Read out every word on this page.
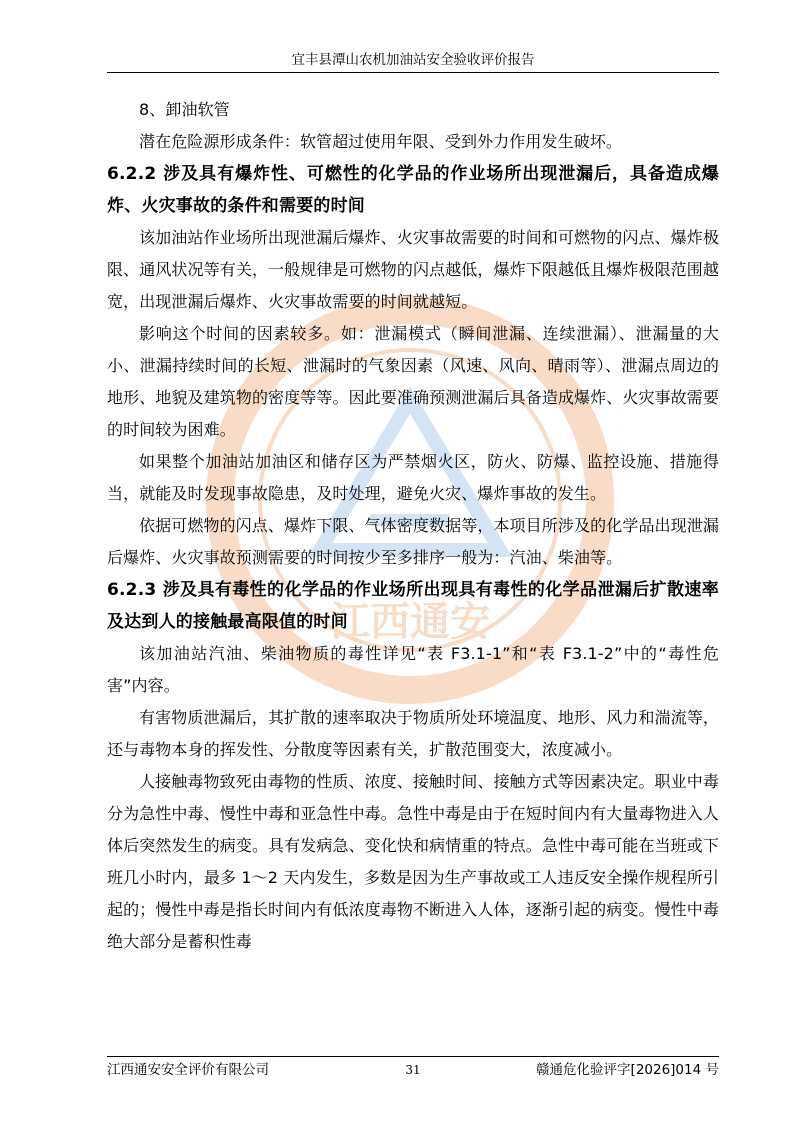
宜丰县潭山农机加油站安全验收评价报告
江西通安

8、卸油软管

潜在危险源形成条件：软管超过使用年限、受到外力作用发生破坏。

6.2.2 涉及具有爆炸性、可燃性的化学品的作业场所出现泄漏后，具备造成爆炸、火灾事故的条件和需要的时间

该加油站作业场所出现泄漏后爆炸、火灾事故需要的时间和可燃物的闪点、爆炸极限、通风状况等有关，一般规律是可燃物的闪点越低，爆炸下限越低且爆炸极限范围越宽，出现泄漏后爆炸、火灾事故需要的时间就越短。

影响这个时间的因素较多。如：泄漏模式（瞬间泄漏、连续泄漏）、泄漏量的大小、泄漏持续时间的长短、泄漏时的气象因素（风速、风向、晴雨等）、泄漏点周边的地形、地貌及建筑物的密度等等。因此要准确预测泄漏后具备造成爆炸、火灾事故需要的时间较为困难。

如果整个加油站加油区和储存区为严禁烟火区，防火、防爆、监控设施、措施得当，就能及时发现事故隐患，及时处理，避免火灾、爆炸事故的发生。

依据可燃物的闪点、爆炸下限、气体密度数据等，本项目所涉及的化学品出现泄漏后爆炸、火灾事故预测需要的时间按少至多排序一般为：汽油、柴油等。

6.2.3 涉及具有毒性的化学品的作业场所出现具有毒性的化学品泄漏后扩散速率及达到人的接触最高限值的时间

该加油站汽油、柴油物质的毒性详见“表 F3.1-1”和“表 F3.1-2”中的“毒性危害”内容。

有害物质泄漏后，其扩散的速率取决于物质所处环境温度、地形、风力和湍流等，还与毒物本身的挥发性、分散度等因素有关，扩散范围变大，浓度减小。

人接触毒物致死由毒物的性质、浓度、接触时间、接触方式等因素决定。职业中毒分为急性中毒、慢性中毒和亚急性中毒。急性中毒是由于在短时间内有大量毒物进入人体后突然发生的病变。具有发病急、变化快和病情重的特点。急性中毒可能在当班或下班几小时内，最多 1～2 天内发生，多数是因为生产事故或工人违反安全操作规程所引起的；慢性中毒是指长时间内有低浓度毒物不断进入人体，逐渐引起的病变。慢性中毒绝大部分是蓄积性毒

江西通安安全评价有限公司	31	赣通危化验评字[2026]014 号
